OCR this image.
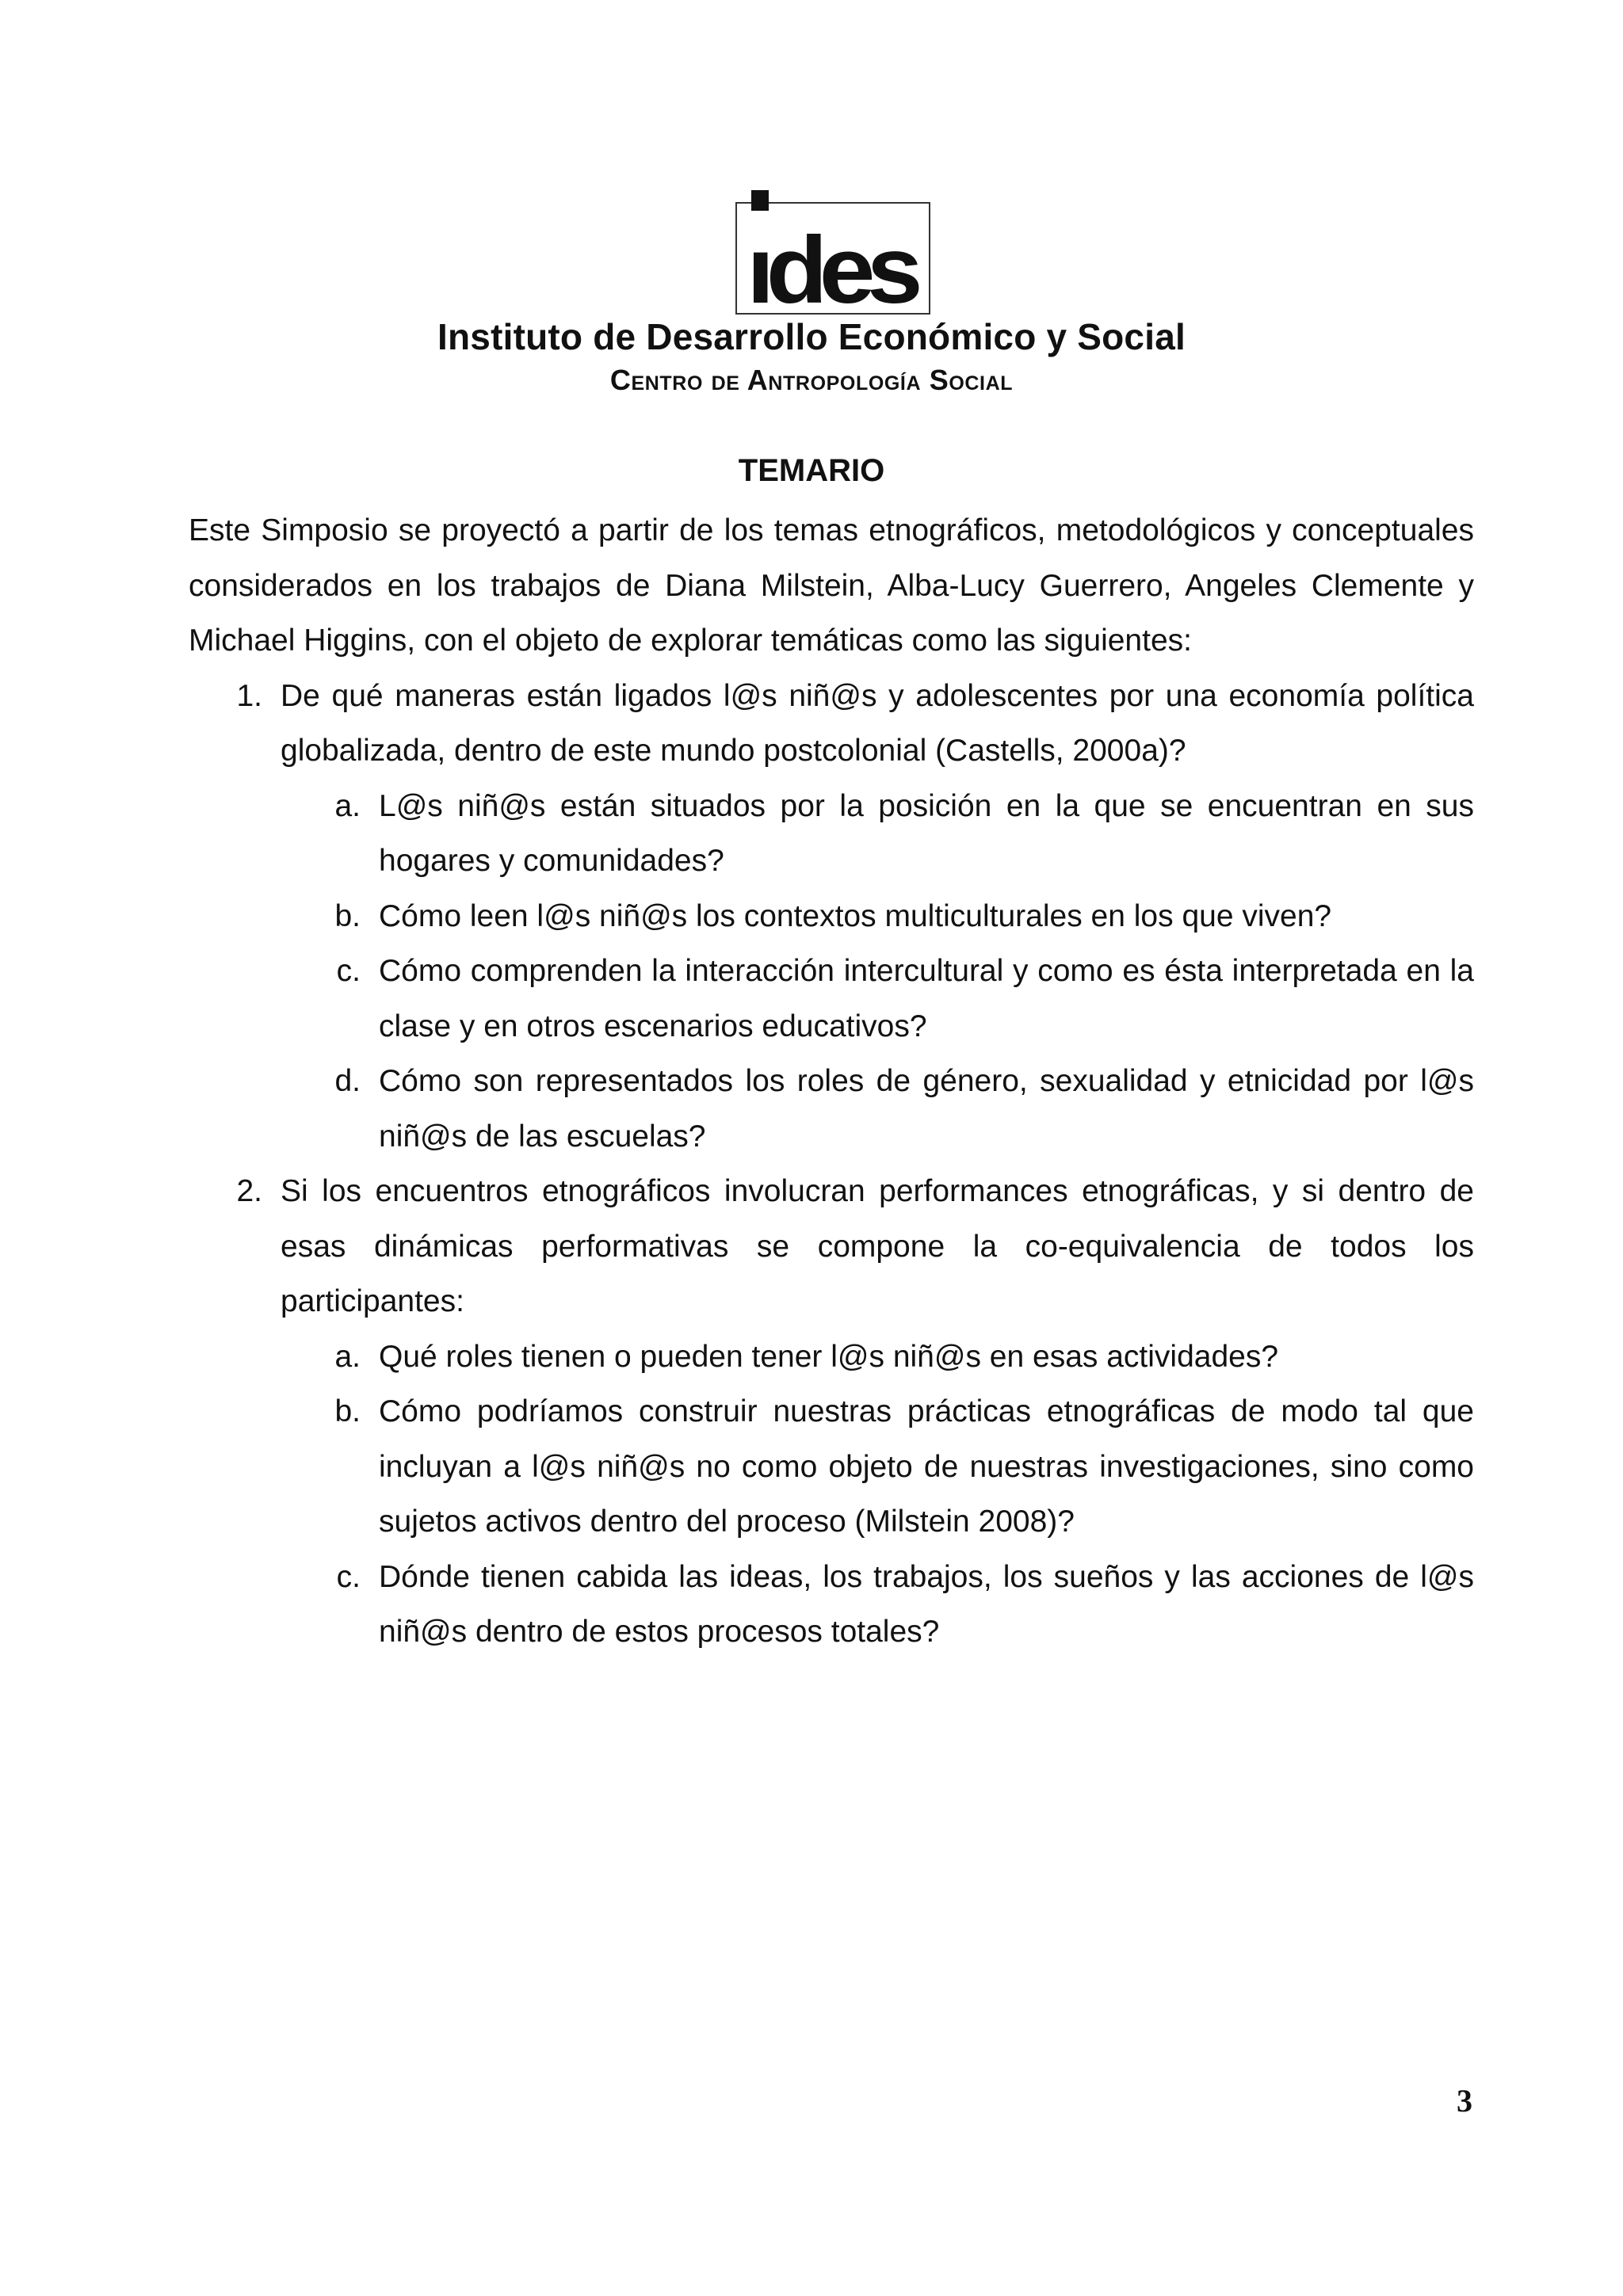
ıdes
Instituto de Desarrollo Económico y Social
Centro de Antropología Social
TEMARIO

Este Simposio se proyectó a partir de los temas etnográficos, metodológicos y conceptuales considerados en los trabajos de Diana Milstein, Alba-Lucy Guerrero, Angeles Clemente y Michael Higgins, con el objeto de explorar temáticas como las siguientes:

1. De qué maneras están ligados l@s niñ@s y adolescentes por una economía política globalizada, dentro de este mundo postcolonial (Castells, 2000a)?
a. L@s niñ@s están situados por la posición en la que se encuentran en sus hogares y comunidades?
b. Cómo leen l@s niñ@s los contextos multiculturales en los que viven?
c. Cómo comprenden la interacción intercultural y como es ésta interpretada en la clase y en otros escenarios educativos?
d. Cómo son representados los roles de género, sexualidad y etnicidad por l@s niñ@s de las escuelas?
2. Si los encuentros etnográficos involucran performances etnográficas, y si dentro de esas dinámicas performativas se compone la co-equivalencia de todos los participantes:
a. Qué roles tienen o pueden tener l@s niñ@s en esas actividades?
b. Cómo podríamos construir nuestras prácticas etnográficas de modo tal que incluyan a l@s niñ@s no como objeto de nuestras investigaciones, sino como sujetos activos dentro del proceso (Milstein 2008)?
c. Dónde tienen cabida las ideas, los trabajos, los sueños y las acciones de l@s niñ@s dentro de estos procesos totales?
3
